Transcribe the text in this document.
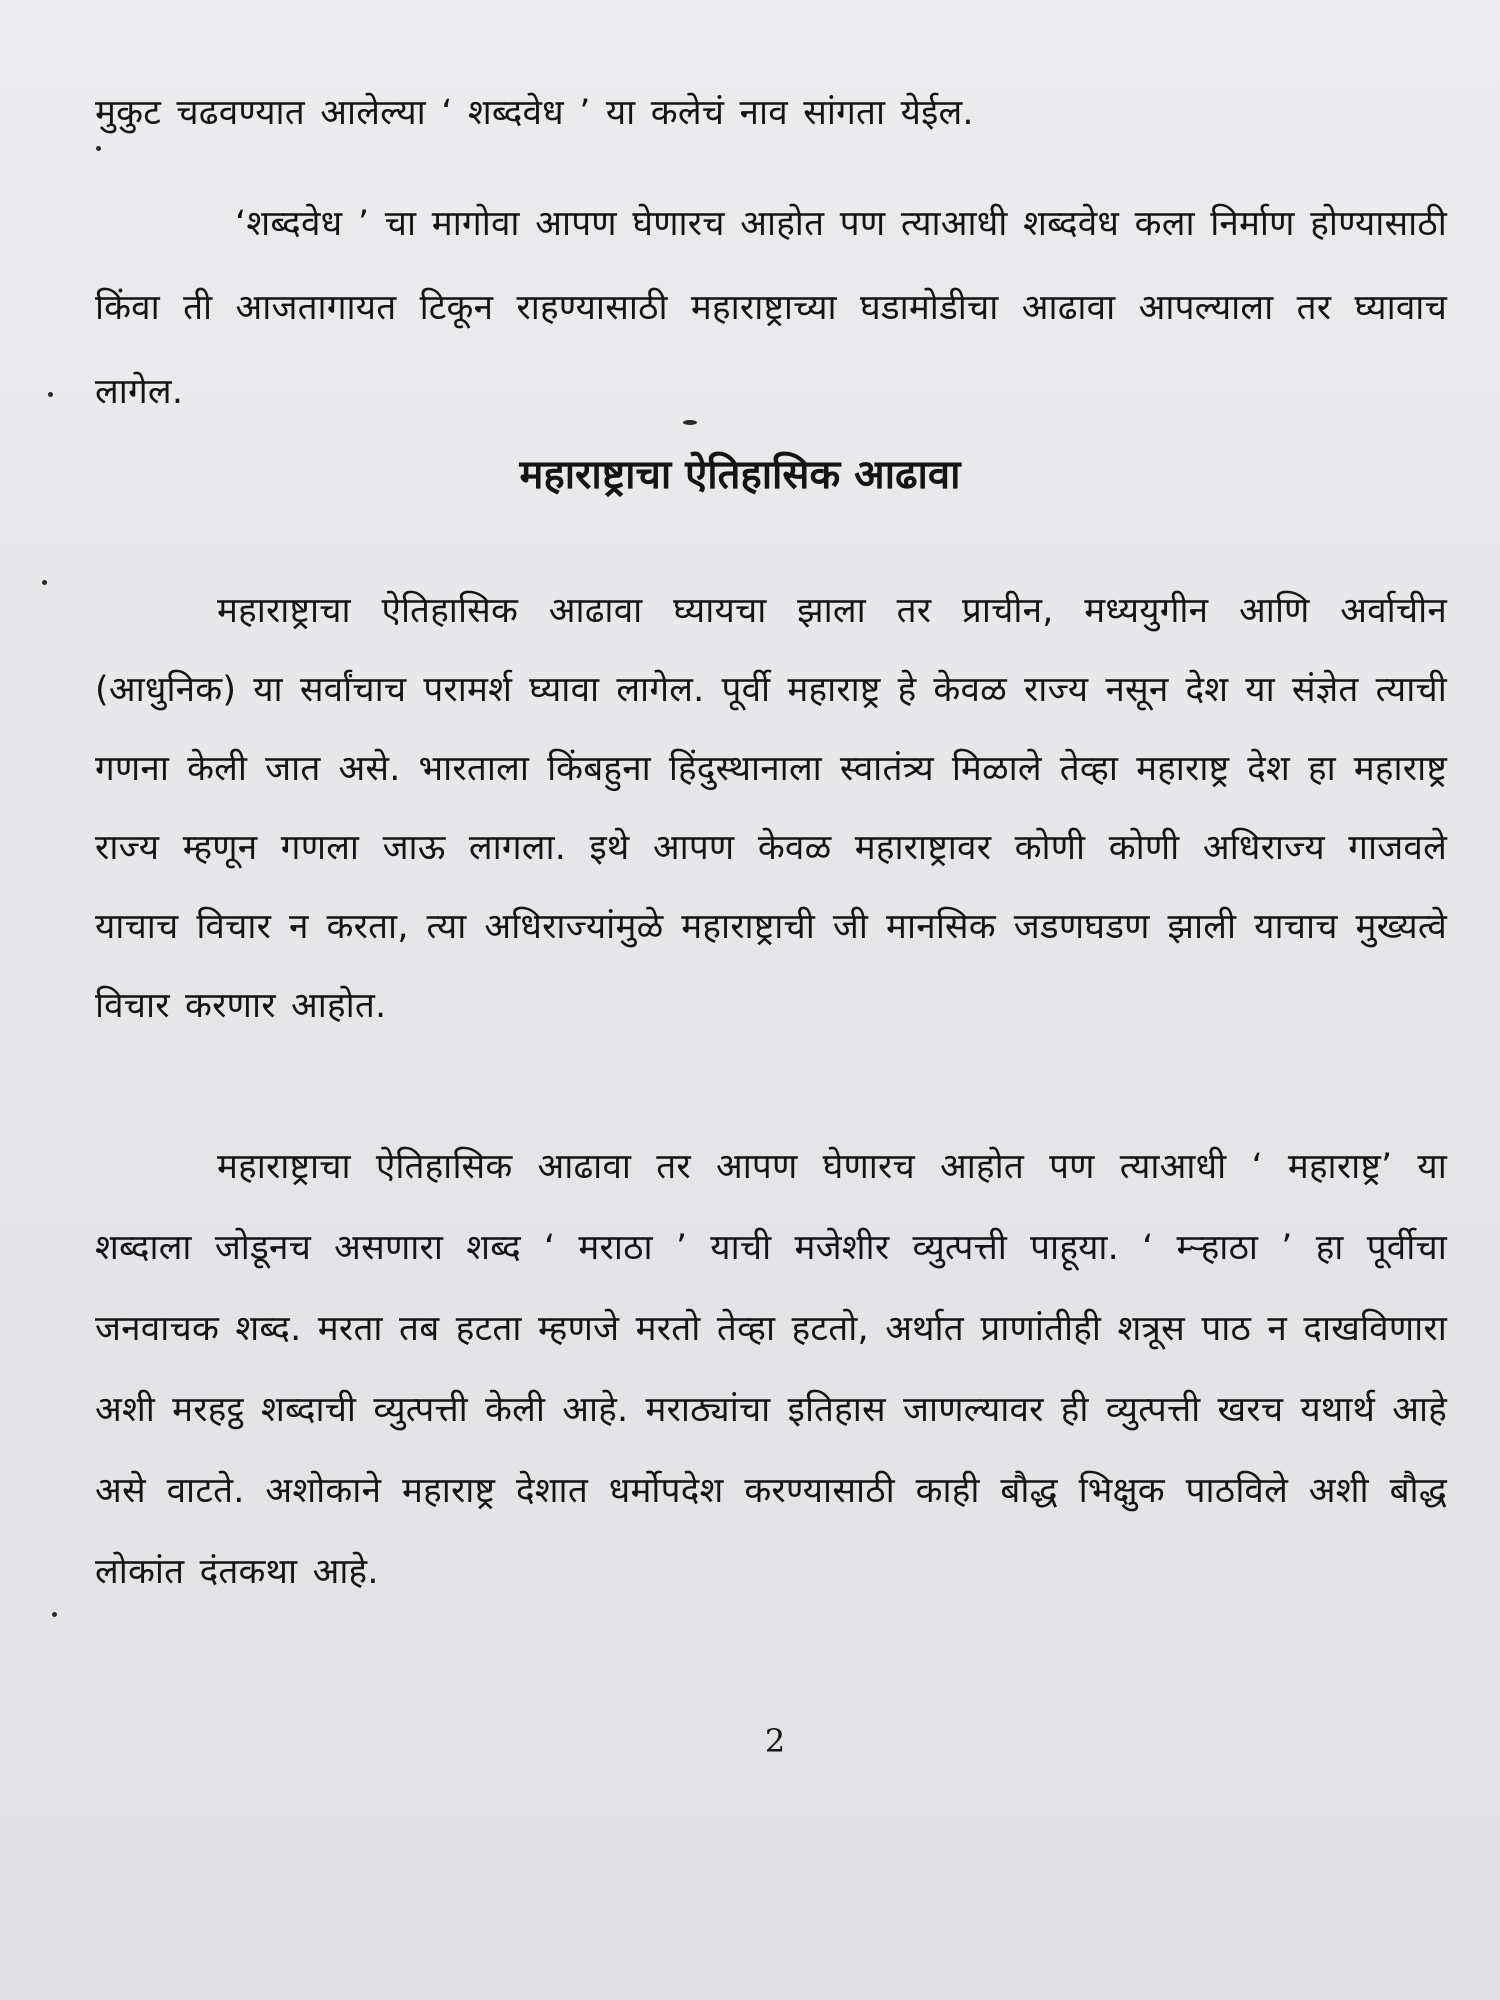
मुकुट चढवण्यात आलेल्या ‘ शब्दवेध ’ या कलेचं नाव सांगता येईल.

‘शब्दवेध ’ चा मागोवा आपण घेणारच आहोत पण त्याआधी शब्दवेध कला निर्माण होण्यासाठी किंवा ती आजतागायत टिकून राहण्यासाठी महाराष्ट्राच्या घडामोडीचा आढावा आपल्याला तर घ्यावाच लागेल.

महाराष्ट्राचा ऐतिहासिक आढावा

महाराष्ट्राचा ऐतिहासिक आढावा घ्यायचा झाला तर प्राचीन, मध्ययुगीन आणि अर्वाचीन (आधुनिक) या सर्वांचाच परामर्श घ्यावा लागेल. पूर्वी महाराष्ट्र हे केवळ राज्य नसून देश या संज्ञेत त्याची गणना केली जात असे. भारताला किंबहुना हिंदुस्थानाला स्वातंत्र्य मिळाले तेव्हा महाराष्ट्र देश हा महाराष्ट्र राज्य म्हणून गणला जाऊ लागला. इथे आपण केवळ महाराष्ट्रावर कोणी कोणी अधिराज्य गाजवले याचाच विचार न करता, त्या अधिराज्यांमुळे महाराष्ट्राची जी मानसिक जडणघडण झाली याचाच मुख्यत्वे विचार करणार आहोत.

महाराष्ट्राचा ऐतिहासिक आढावा तर आपण घेणारच आहोत पण त्याआधी ‘ महाराष्ट्र’ या शब्दाला जोडूनच असणारा शब्द ‘ मराठा ’ याची मजेशीर व्युत्पत्ती पाहूया. ‘ म्ऱ्हाठा ’ हा पूर्वीचा जनवाचक शब्द. मरता तब हटता म्हणजे मरतो तेव्हा हटतो, अर्थात प्राणांतीही शत्रूस पाठ न दाखविणारा अशी मरहट्ठ शब्दाची व्युत्पत्ती केली आहे. मराठ्यांचा इतिहास जाणल्यावर ही व्युत्पत्ती खरच यथार्थ आहे असे वाटते. अशोकाने महाराष्ट्र देशात धर्मोपदेश करण्यासाठी काही बौद्ध भिक्षुक पाठविले अशी बौद्ध लोकांत दंतकथा आहे.

2
